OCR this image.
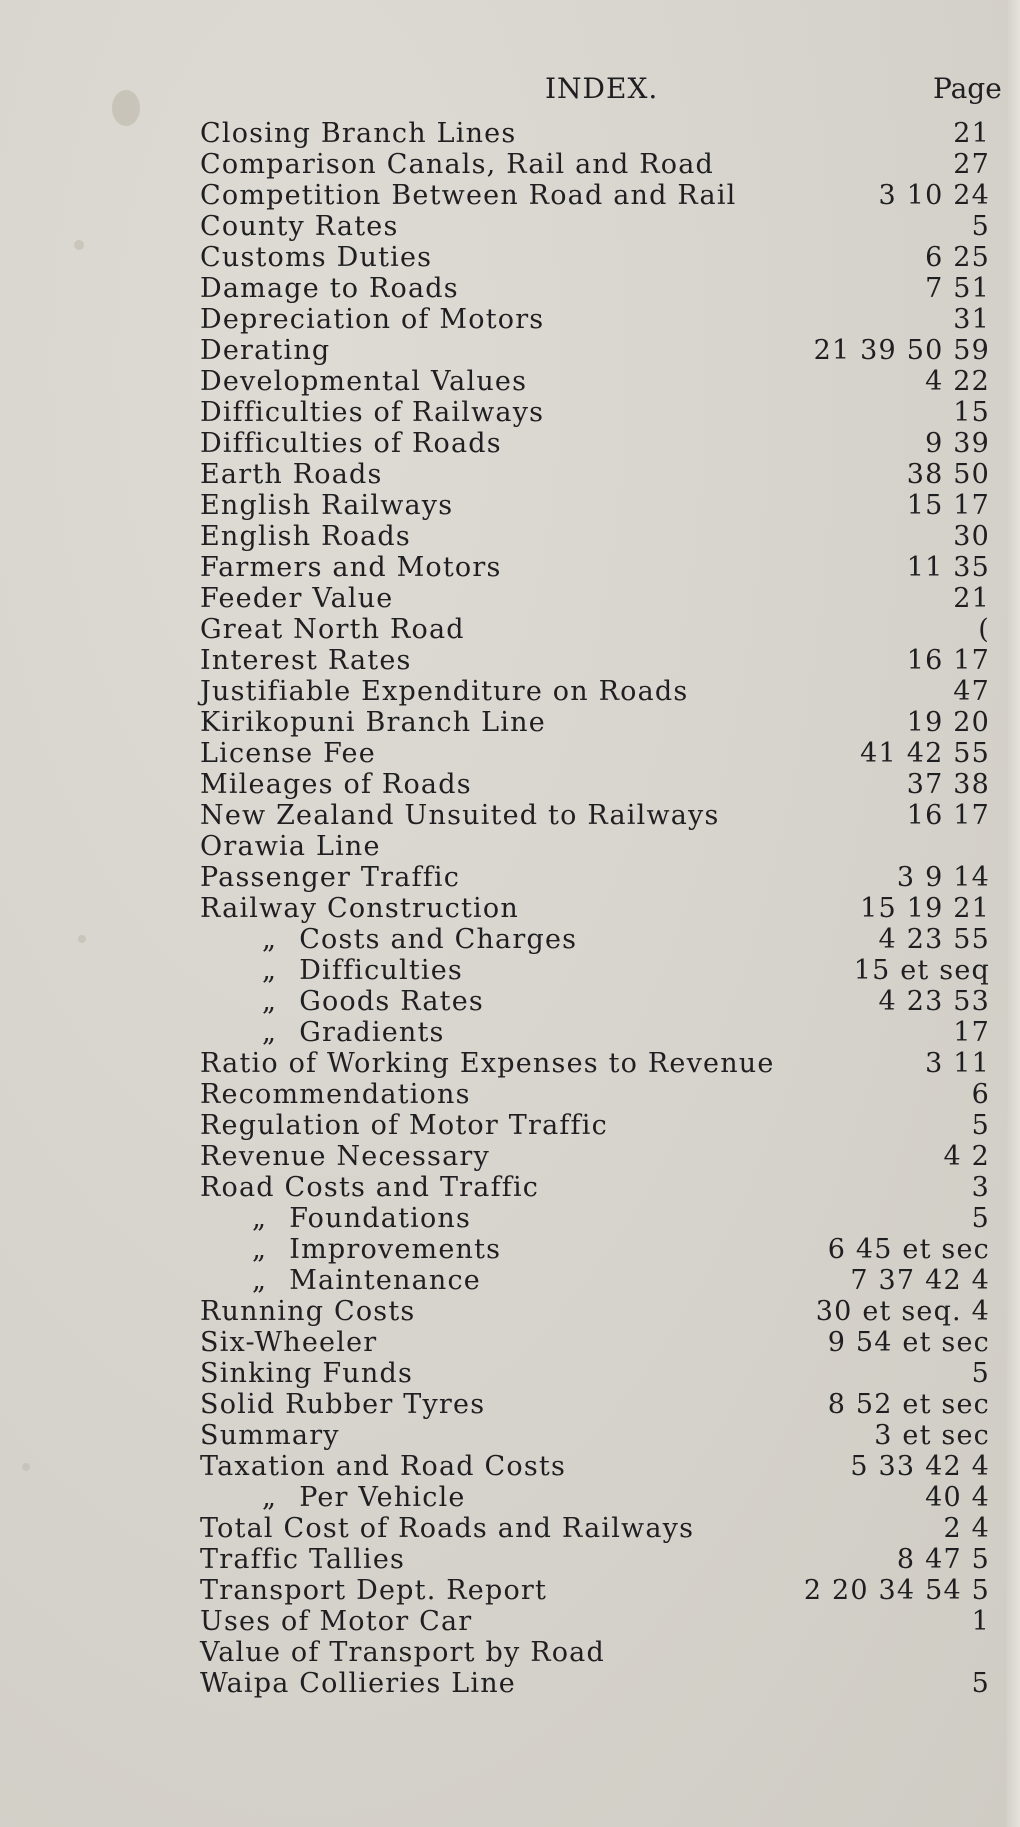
INDEX.	Page
Closing Branch Lines	21
Comparison Canals, Rail and Road	27
Competition Between Road and Rail	3 10 24
County Rates	5
Customs Duties	6 25
Damage to Roads	7 51
Depreciation of Motors	31
Derating	21 39 50 59
Developmental Values	4 22
Difficulties of Railways	15
Difficulties of Roads	9 39
Earth Roads	38 50
English Railways	15 17
English Roads	30
Farmers and Motors	11 35
Feeder Value	21
Great North Road	(
Interest Rates	16 17
Justifiable Expenditure on Roads	47
Kirikopuni Branch Line	19 20
License Fee	41 42 55
Mileages of Roads	37 38
New Zealand Unsuited to Railways	16 17
Orawia Line
Passenger Traffic	3 9 14
Railway Construction	15 19 21
„ Costs and Charges	4 23 55
„ Difficulties	15 et seq
„ Goods Rates	4 23 53
„ Gradients	17
Ratio of Working Expenses to Revenue	3 11
Recommendations	6
Regulation of Motor Traffic	5
Revenue Necessary	4 2
Road Costs and Traffic	3
„ Foundations	5
„ Improvements	6 45 et sec
„ Maintenance	7 37 42 4
Running Costs	30 et seq. 4
Six-Wheeler	9 54 et sec
Sinking Funds	5
Solid Rubber Tyres	8 52 et sec
Summary	3 et sec
Taxation and Road Costs	5 33 42 4
„ Per Vehicle	40 4
Total Cost of Roads and Railways	2 4
Traffic Tallies	8 47 5
Transport Dept. Report	2 20 34 54 5
Uses of Motor Car	1
Value of Transport by Road
Waipa Collieries Line	5
